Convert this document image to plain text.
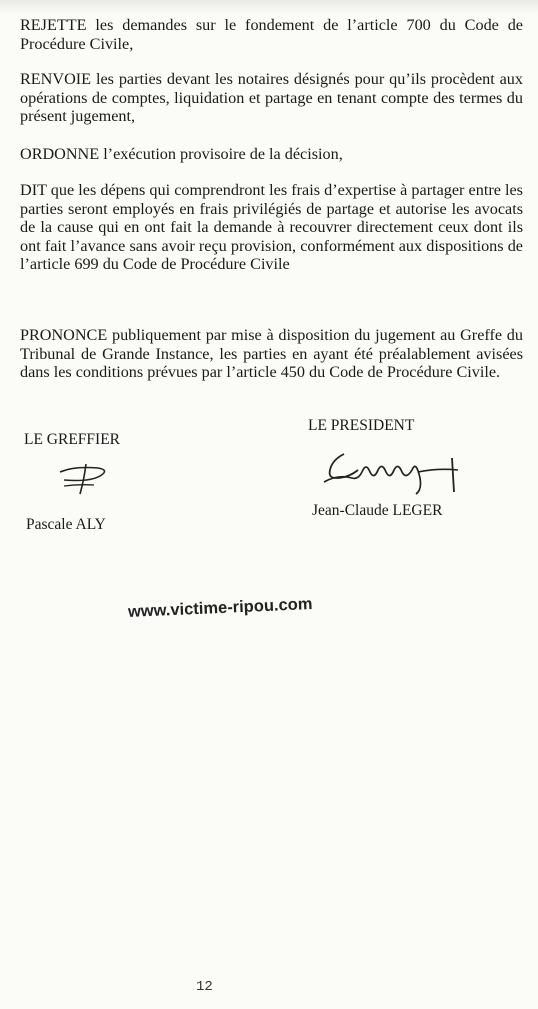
REJETTE les demandes sur le fondement de l’article 700 du Code de Procédure Civile,

RENVOIE les parties devant les notaires désignés pour qu’ils procèdent aux opérations de comptes, liquidation et partage en tenant compte des termes du présent jugement,

ORDONNE l’exécution provisoire de la décision,

DIT que les dépens qui comprendront les frais d’expertise à partager entre les parties seront employés en frais privilégiés de partage et autorise les avocats de la cause qui en ont fait la demande à recouvrer directement ceux dont ils ont fait l’avance sans avoir reçu provision, conformément aux dispositions de l’article 699 du Code de Procédure Civile

PRONONCE publiquement par mise à disposition du jugement au Greffe du Tribunal de Grande Instance, les parties en ayant été préalablement avisées dans les conditions prévues par l’article 450 du Code de Procédure Civile.

LE GREFFIER

LE PRESIDENT

Pascale ALY

Jean-Claude LEGER

www.victime-ripou.com
12
